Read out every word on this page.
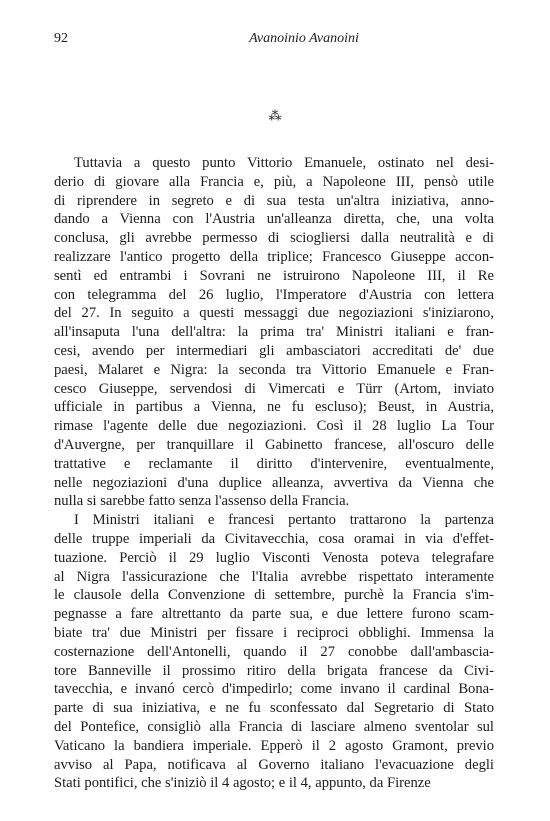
92	Avanoinio Avanoini
⁂

Tuttavia a questo punto Vittorio Emanuele, ostinato nel desi-
derio di giovare alla Francia e, più, a Napoleone III, pensò utile
di riprendere in segreto e di sua testa un'altra iniziativa, anno-
dando a Vienna con l'Austria un'alleanza diretta, che, una volta
conclusa, gli avrebbe permesso di sciogliersi dalla neutralità e di
realizzare l'antico progetto della triplice; Francesco Giuseppe accon-
sentì ed entrambi i Sovrani ne istruirono Napoleone III, il Re
con telegramma del 26 luglio, l'Imperatore d'Austria con lettera
del 27. In seguito a questi messaggi due negoziazioni s'iniziarono,
all'insaputa l'una dell'altra: la prima tra' Ministri italiani e fran-
cesi, avendo per intermediari gli ambasciatori accreditati de' due
paesi, Malaret e Nigra: la seconda tra Vittorio Emanuele e Fran-
cesco Giuseppe, servendosi di Vimercati e Türr (Artom, inviato
ufficiale in partibus a Vienna, ne fu escluso); Beust, in Austria,
rimase l'agente delle due negoziazioni. Così il 28 luglio La Tour
d'Auvergne, per tranquillare il Gabinetto francese, all'oscuro delle
trattative e reclamante il diritto d'intervenire, eventualmente,
nelle negoziazioni d'una duplice alleanza, avvertiva da Vienna che
nulla si sarebbe fatto senza l'assenso della Francia.

I Ministri italiani e francesi pertanto trattarono la partenza
delle truppe imperiali da Civitavecchia, cosa oramai in via d'effet-
tuazione. Perciò il 29 luglio Visconti Venosta poteva telegrafare
al Nigra l'assicurazione che l'Italia avrebbe rispettato interamente
le clausole della Convenzione di settembre, purchè la Francia s'im-
pegnasse a fare altrettanto da parte sua, e due lettere furono scam-
biate tra' due Ministri per fissare i reciproci obblighi. Immensa la
costernazione dell'Antonelli, quando il 27 conobbe dall'ambascia-
tore Banneville il prossimo ritiro della brigata francese da Civi-
tavecchia, e invanó cercò d'impedirlo; come invano il cardinal Bona-
parte di sua iniziativa, e ne fu sconfessato dal Segretario di Stato
del Pontefice, consigliò alla Francia di lasciare almeno sventolar sul
Vaticano la bandiera imperiale. Epperò il 2 agosto Gramont, previo
avviso al Papa, notificava al Governo italiano l'evacuazione degli
Stati pontifici, che s'iniziò il 4 agosto; e il 4, appunto, da Firenze
